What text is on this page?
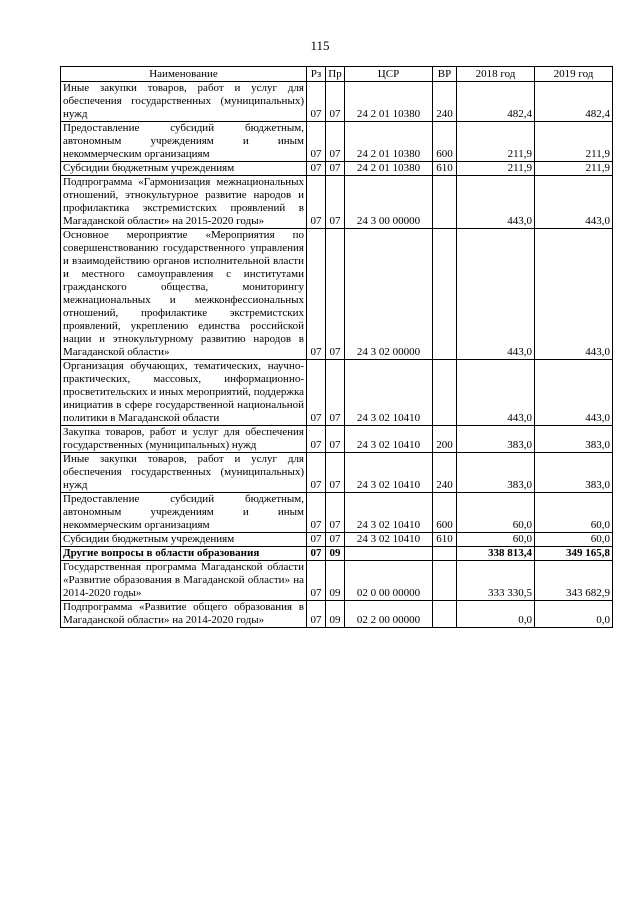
115
Наименование	Рз	Пр	ЦСР	ВР	2018 год	2019 год
Иные закупки товаров, работ и услуг для обеспечения государственных (муниципальных) нужд	07	07	24 2 01 10380	240	482,4	482,4
Предоставление субсидий бюджетным, автономным учреждениям и иным некоммерческим организациям	07	07	24 2 01 10380	600	211,9	211,9
Субсидии бюджетным учреждениям	07	07	24 2 01 10380	610	211,9	211,9
Подпрограмма «Гармонизация межнациональных отношений, этнокультурное развитие народов и профилактика экстремистских проявлений в Магаданской области» на 2015-2020 годы»	07	07	24 3 00 00000		443,0	443,0
Основное мероприятие «Мероприятия по совершенствованию государственного управления и взаимодействию органов исполнительной власти и местного самоуправления с институтами гражданского общества, мониторингу межнациональных и межконфессиональных отношений, профилактике экстремистских проявлений, укреплению единства российской нации и этнокультурному развитию народов в Магаданской области»	07	07	24 3 02 00000		443,0	443,0
Организация обучающих, тематических, научно-практических, массовых, информационно-просветительских и иных мероприятий, поддержка инициатив в сфере государственной национальной политики в Магаданской области	07	07	24 3 02 10410		443,0	443,0
Закупка товаров, работ и услуг для обеспечения государственных (муниципальных) нужд	07	07	24 3 02 10410	200	383,0	383,0
Иные закупки товаров, работ и услуг для обеспечения государственных (муниципальных) нужд	07	07	24 3 02 10410	240	383,0	383,0
Предоставление субсидий бюджетным, автономным учреждениям и иным некоммерческим организациям	07	07	24 3 02 10410	600	60,0	60,0
Субсидии бюджетным учреждениям	07	07	24 3 02 10410	610	60,0	60,0
Другие вопросы в области образования	07	09			338 813,4	349 165,8
Государственная программа Магаданской области «Развитие образования в Магаданской области» на 2014-2020 годы»	07	09	02 0 00 00000		333 330,5	343 682,9
Подпрограмма «Развитие общего образования в Магаданской области» на 2014-2020 годы»	07	09	02 2 00 00000		0,0	0,0
